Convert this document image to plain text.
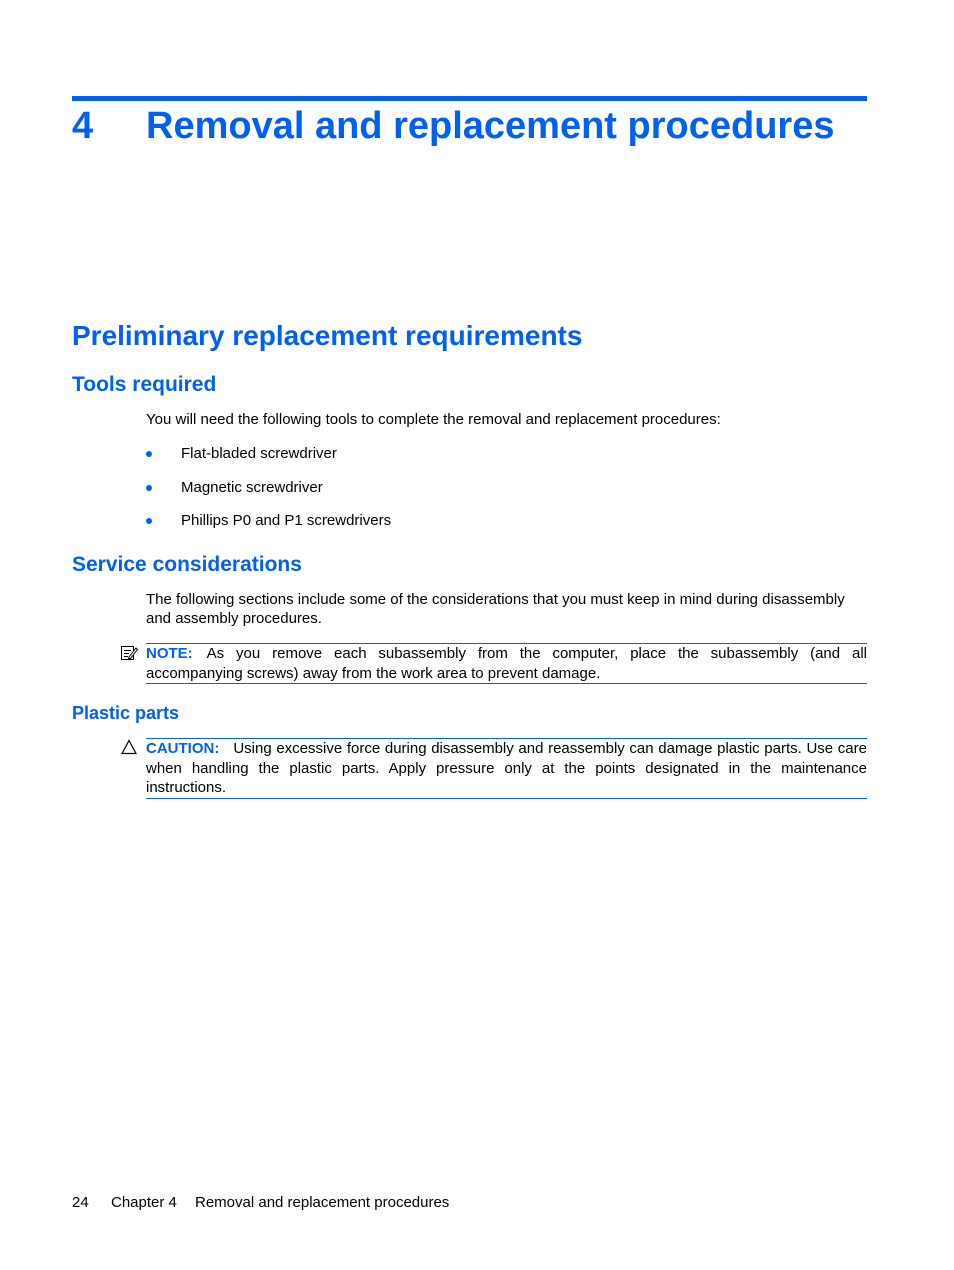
4 Removal and replacement procedures
Preliminary replacement requirements
Tools required
You will need the following tools to complete the removal and replacement procedures:
Flat-bladed screwdriver
Magnetic screwdriver
Phillips P0 and P1 screwdrivers
Service considerations
The following sections include some of the considerations that you must keep in mind during disassembly and assembly procedures.
NOTE: As you remove each subassembly from the computer, place the subassembly (and all accompanying screws) away from the work area to prevent damage.
Plastic parts
CAUTION: Using excessive force during disassembly and reassembly can damage plastic parts. Use care when handling the plastic parts. Apply pressure only at the points designated in the maintenance instructions.
24 Chapter 4 Removal and replacement procedures
